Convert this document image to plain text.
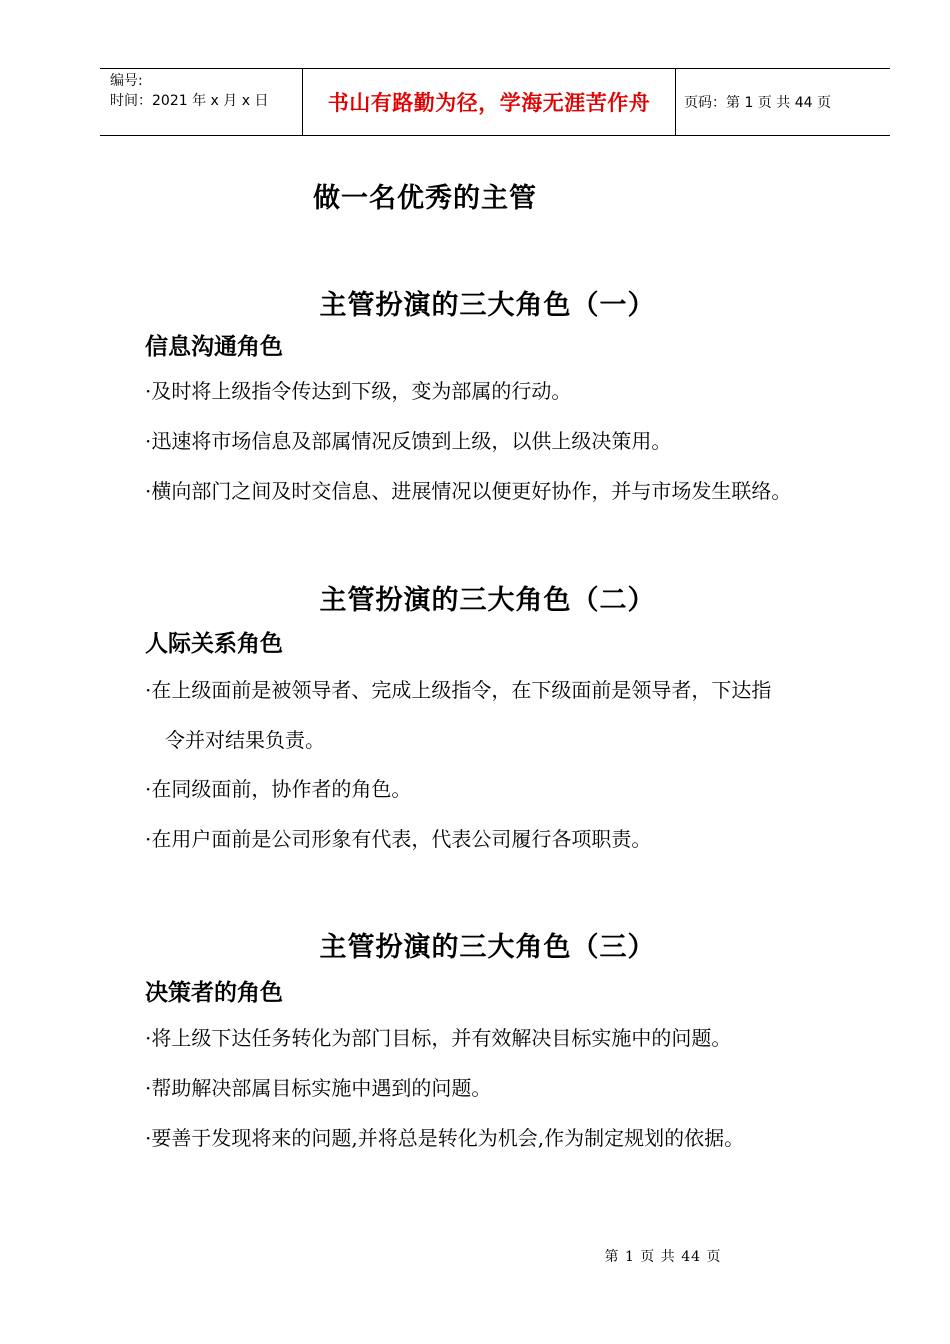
编号:
时间：2021 年 x 月 x 日	书山有路勤为径，学海无涯苦作舟 页码：第 1 页 共 44 页
做一名优秀的主管
主管扮演的三大角色（一）
信息沟通角色
·及时将上级指令传达到下级，变为部属的行动。
·迅速将市场信息及部属情况反馈到上级，以供上级决策用。
·横向部门之间及时交信息、进展情况以便更好协作，并与市场发生联络。
主管扮演的三大角色（二）
人际关系角色
·在上级面前是被领导者、完成上级指令，在下级面前是领导者，下达指
令并对结果负责。
·在同级面前，协作者的角色。
·在用户面前是公司形象有代表，代表公司履行各项职责。
主管扮演的三大角色（三）
决策者的角色
·将上级下达任务转化为部门目标，并有效解决目标实施中的问题。
·帮助解决部属目标实施中遇到的问题。
·要善于发现将来的问题,并将总是转化为机会,作为制定规划的依据。
第 1 页 共 44 页
